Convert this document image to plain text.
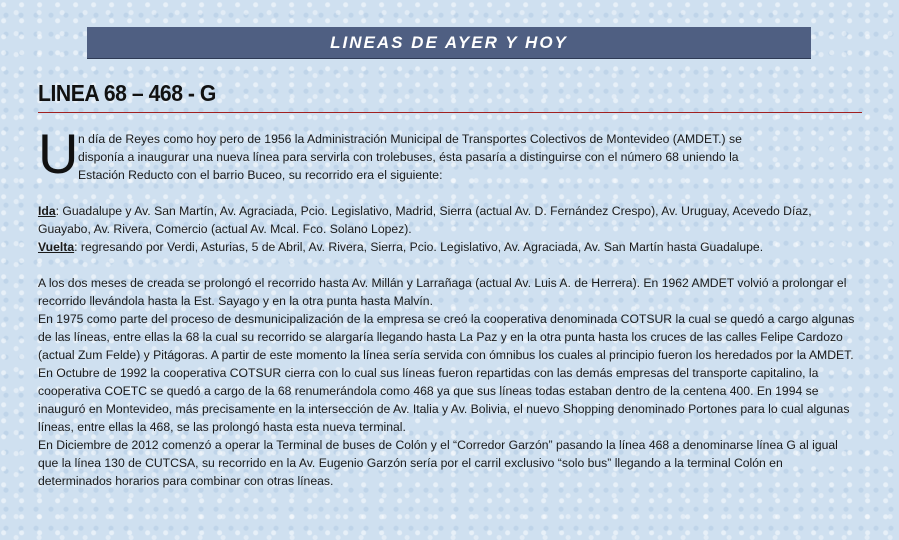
LINEAS DE AYER Y HOY
LINEA 68 – 468 - G
U n día de Reyes como hoy pero de 1956 la Administración Municipal de Transportes Colectivos de Montevideo (AMDET.) se
disponía a inaugurar una nueva línea para servirla con trolebuses, ésta pasaría a distinguirse con el número 68 uniendo la
Estación Reducto con el barrio Buceo, su recorrido era el siguiente:

Ida: Guadalupe y Av. San Martín, Av. Agraciada, Pcio. Legislativo, Madrid, Sierra (actual Av. D. Fernández Crespo), Av. Uruguay, Acevedo Díaz, Guayabo, Av. Rivera, Comercio (actual Av. Mcal. Fco. Solano Lopez).

Vuelta: regresando por Verdi, Asturias, 5 de Abril, Av. Rivera, Sierra, Pcio. Legislativo, Av. Agraciada, Av. San Martín hasta Guadalupe.

A los dos meses de creada se prolongó el recorrido hasta Av. Millán y Larrañaga (actual Av. Luis A. de Herrera). En 1962 AMDET volvió a prolongar el recorrido llevándola hasta la Est. Sayago y en la otra punta hasta Malvín.

En 1975 como parte del proceso de desmunicipalización de la empresa se creó la cooperativa denominada COTSUR la cual se quedó a cargo algunas de las líneas, entre ellas la 68 la cual su recorrido se alargaría llegando hasta La Paz y en la otra punta hasta los cruces de las calles Felipe Cardozo (actual Zum Felde) y Pitágoras. A partir de este momento la línea sería servida con ómnibus los cuales al principio fueron los heredados por la AMDET.

En Octubre de 1992 la cooperativa COTSUR cierra con lo cual sus líneas fueron repartidas con las demás empresas del transporte capitalino, la cooperativa COETC se quedó a cargo de la 68 renumerándola como 468 ya que sus líneas todas estaban dentro de la centena 400. En 1994 se inauguró en Montevideo, más precisamente en la intersección de Av. Italia y Av. Bolivia, el nuevo Shopping denominado Portones para lo cual algunas líneas, entre ellas la 468, se las prolongó hasta esta nueva terminal.

En Diciembre de 2012 comenzó a operar la Terminal de buses de Colón y el “Corredor Garzón” pasando la línea 468 a denominarse línea G al igual que la línea 130 de CUTCSA, su recorrido en la Av. Eugenio Garzón sería por el carril exclusivo “solo bus” llegando a la terminal Colón en determinados horarios para combinar con otras líneas.
